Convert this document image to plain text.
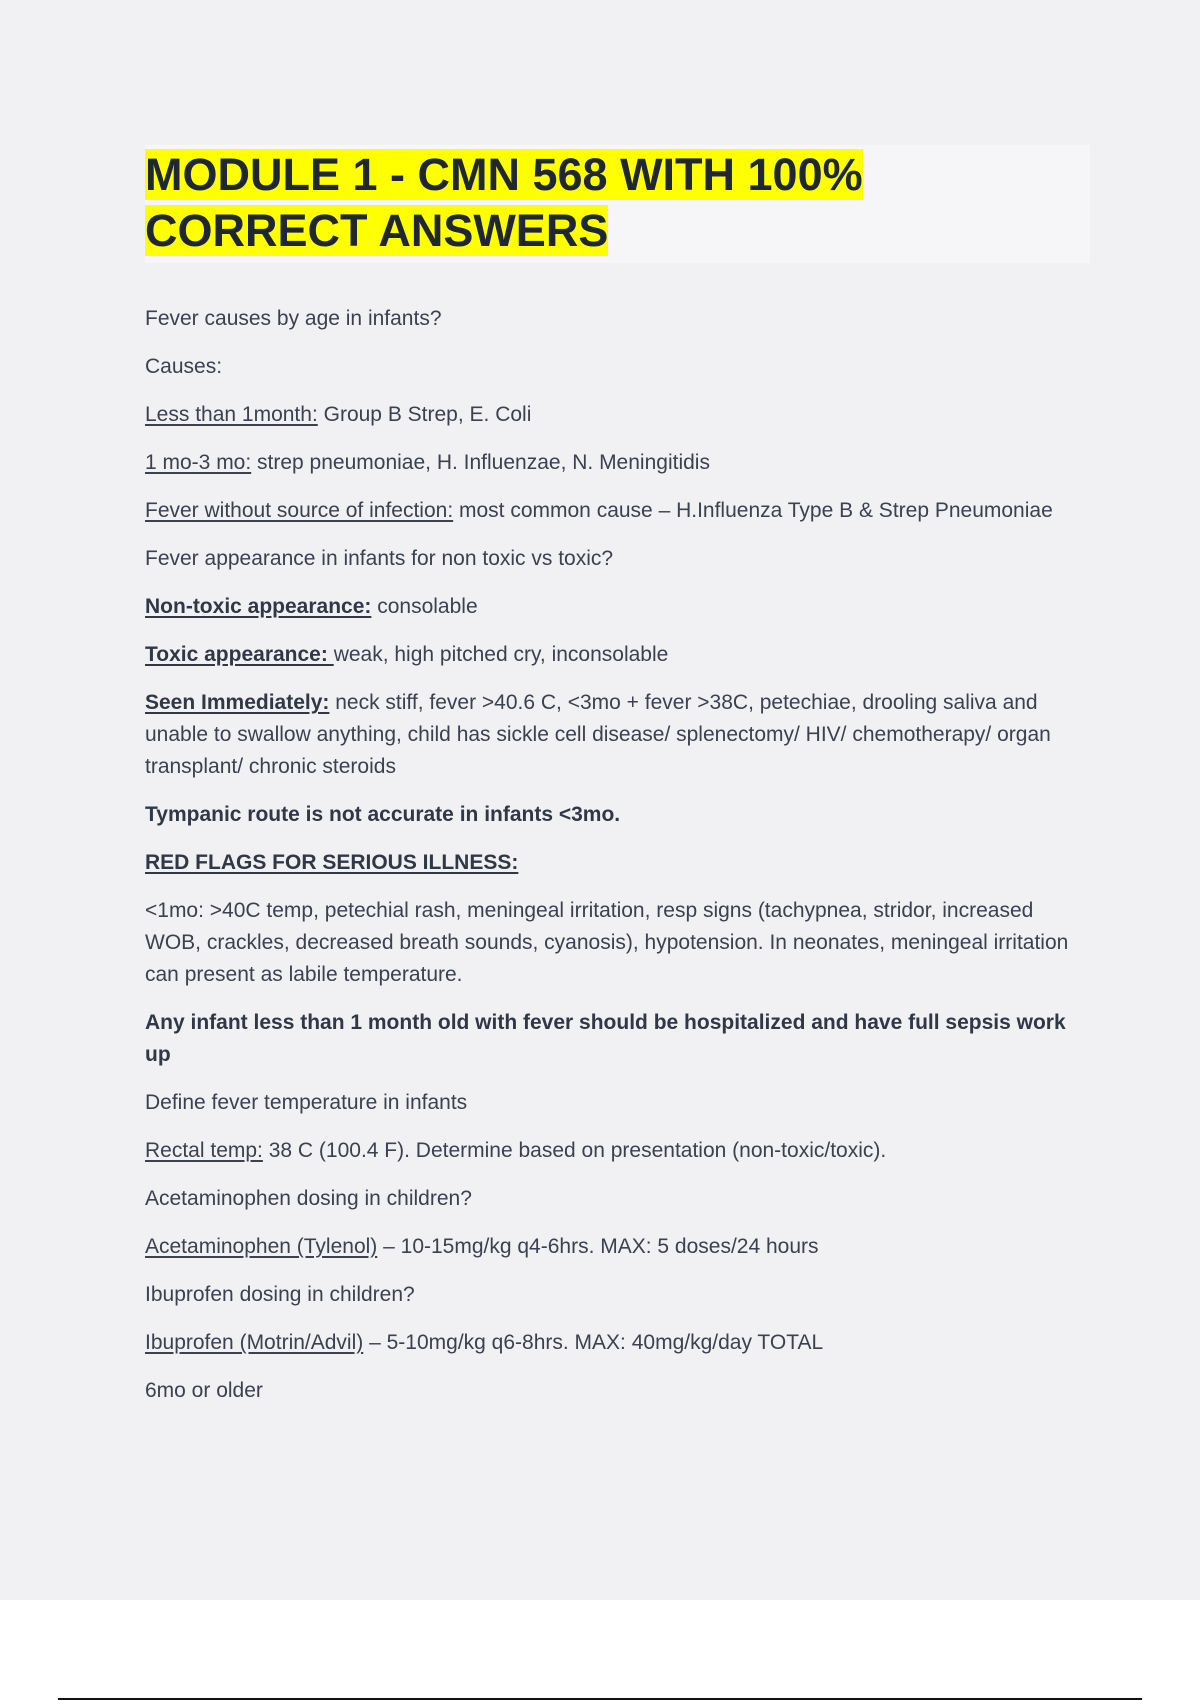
MODULE 1 - CMN 568 WITH 100%
CORRECT ANSWERS

Fever causes by age in infants?

Causes:

Less than 1month: Group B Strep, E. Coli

1 mo-3 mo: strep pneumoniae, H. Influenzae, N. Meningitidis

Fever without source of infection: most common cause – H.Influenza Type B & Strep Pneumoniae

Fever appearance in infants for non toxic vs toxic?

Non-toxic appearance: consolable

Toxic appearance: weak, high pitched cry, inconsolable

Seen Immediately: neck stiff, fever >40.6 C, <3mo + fever >38C, petechiae, drooling saliva and unable to swallow anything, child has sickle cell disease/ splenectomy/ HIV/ chemotherapy/ organ transplant/ chronic steroids

Tympanic route is not accurate in infants <3mo.

RED FLAGS FOR SERIOUS ILLNESS:

<1mo: >40C temp, petechial rash, meningeal irritation, resp signs (tachypnea, stridor, increased WOB, crackles, decreased breath sounds, cyanosis), hypotension. In neonates, meningeal irritation can present as labile temperature.

Any infant less than 1 month old with fever should be hospitalized and have full sepsis work up

Define fever temperature in infants

Rectal temp: 38 C (100.4 F). Determine based on presentation (non-toxic/toxic).

Acetaminophen dosing in children?

Acetaminophen (Tylenol) – 10-15mg/kg q4-6hrs. MAX: 5 doses/24 hours

Ibuprofen dosing in children?

Ibuprofen (Motrin/Advil) – 5-10mg/kg q6-8hrs. MAX: 40mg/kg/day TOTAL

6mo or older
